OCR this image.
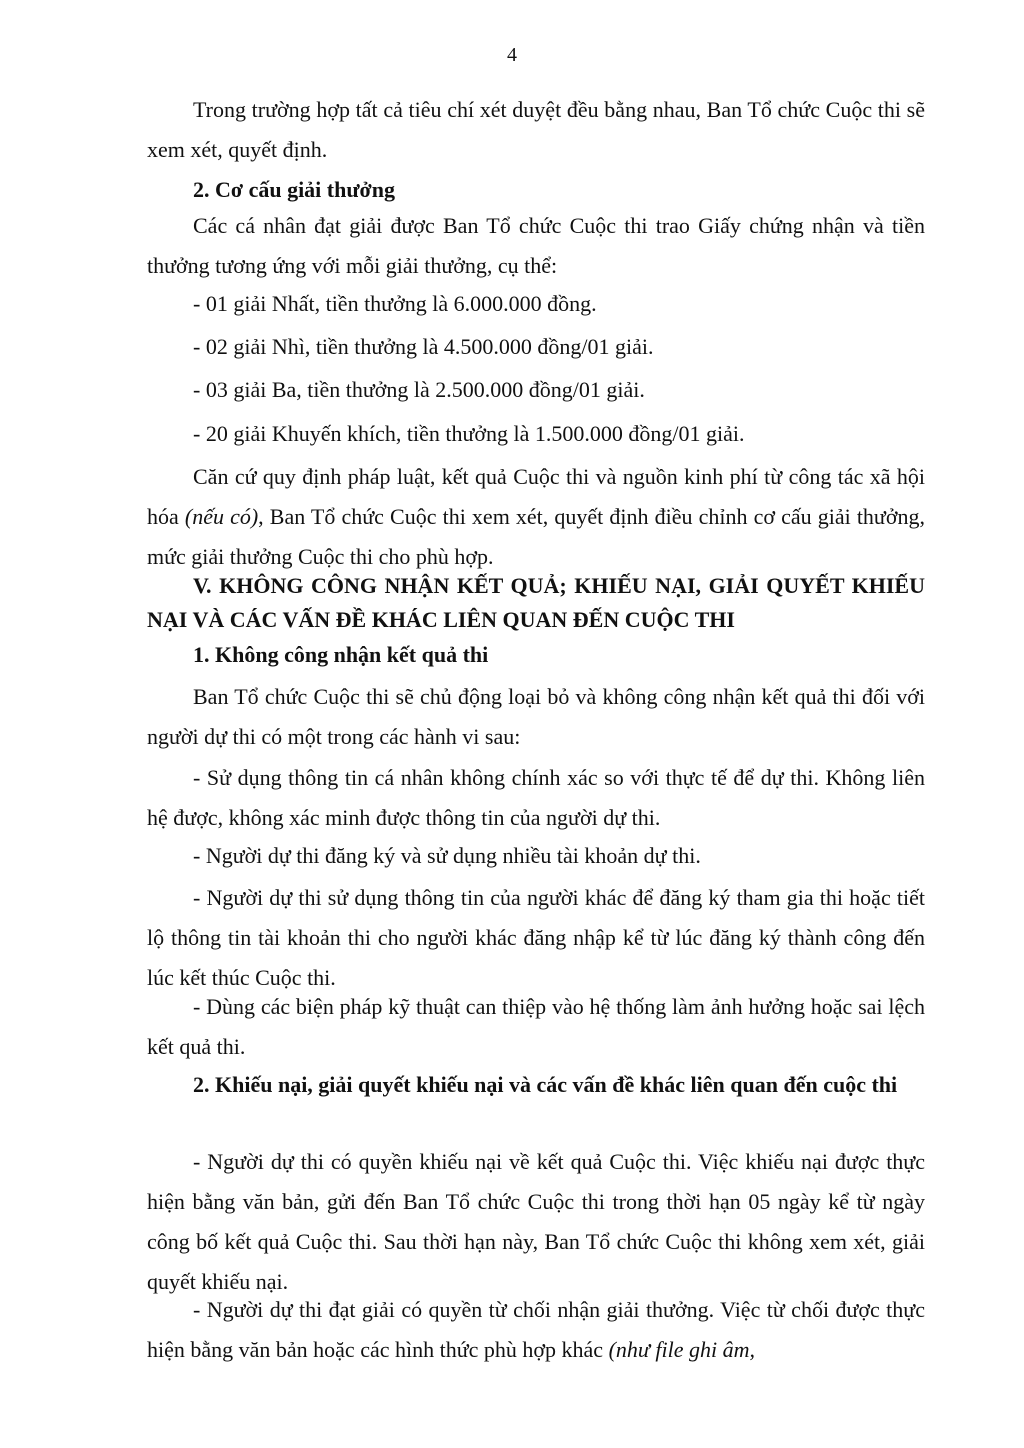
4

Trong trường hợp tất cả tiêu chí xét duyệt đều bằng nhau, Ban Tổ chức Cuộc thi sẽ xem xét, quyết định.

2. Cơ cấu giải thưởng

Các cá nhân đạt giải được Ban Tổ chức Cuộc thi trao Giấy chứng nhận và tiền thưởng tương ứng với mỗi giải thưởng, cụ thể:

- 01 giải Nhất, tiền thưởng là 6.000.000 đồng.

- 02 giải Nhì, tiền thưởng là 4.500.000 đồng/01 giải.

- 03 giải Ba, tiền thưởng là 2.500.000 đồng/01 giải.

- 20 giải Khuyến khích, tiền thưởng là 1.500.000 đồng/01 giải.

Căn cứ quy định pháp luật, kết quả Cuộc thi và nguồn kinh phí từ công tác xã hội hóa (nếu có), Ban Tổ chức Cuộc thi xem xét, quyết định điều chỉnh cơ cấu giải thưởng, mức giải thưởng Cuộc thi cho phù hợp.

V. KHÔNG CÔNG NHẬN KẾT QUẢ; KHIẾU NẠI, GIẢI QUYẾT KHIẾU NẠI VÀ CÁC VẤN ĐỀ KHÁC LIÊN QUAN ĐẾN CUỘC THI

1. Không công nhận kết quả thi

Ban Tổ chức Cuộc thi sẽ chủ động loại bỏ và không công nhận kết quả thi đối với người dự thi có một trong các hành vi sau:

- Sử dụng thông tin cá nhân không chính xác so với thực tế để dự thi. Không liên hệ được, không xác minh được thông tin của người dự thi.

- Người dự thi đăng ký và sử dụng nhiều tài khoản dự thi.

- Người dự thi sử dụng thông tin của người khác để đăng ký tham gia thi hoặc tiết lộ thông tin tài khoản thi cho người khác đăng nhập kể từ lúc đăng ký thành công đến lúc kết thúc Cuộc thi.

- Dùng các biện pháp kỹ thuật can thiệp vào hệ thống làm ảnh hưởng hoặc sai lệch kết quả thi.

2. Khiếu nại, giải quyết khiếu nại và các vấn đề khác liên quan đến cuộc thi

- Người dự thi có quyền khiếu nại về kết quả Cuộc thi. Việc khiếu nại được thực hiện bằng văn bản, gửi đến Ban Tổ chức Cuộc thi trong thời hạn 05 ngày kể từ ngày công bố kết quả Cuộc thi. Sau thời hạn này, Ban Tổ chức Cuộc thi không xem xét, giải quyết khiếu nại.

- Người dự thi đạt giải có quyền từ chối nhận giải thưởng. Việc từ chối được thực hiện bằng văn bản hoặc các hình thức phù hợp khác (như file ghi âm,
